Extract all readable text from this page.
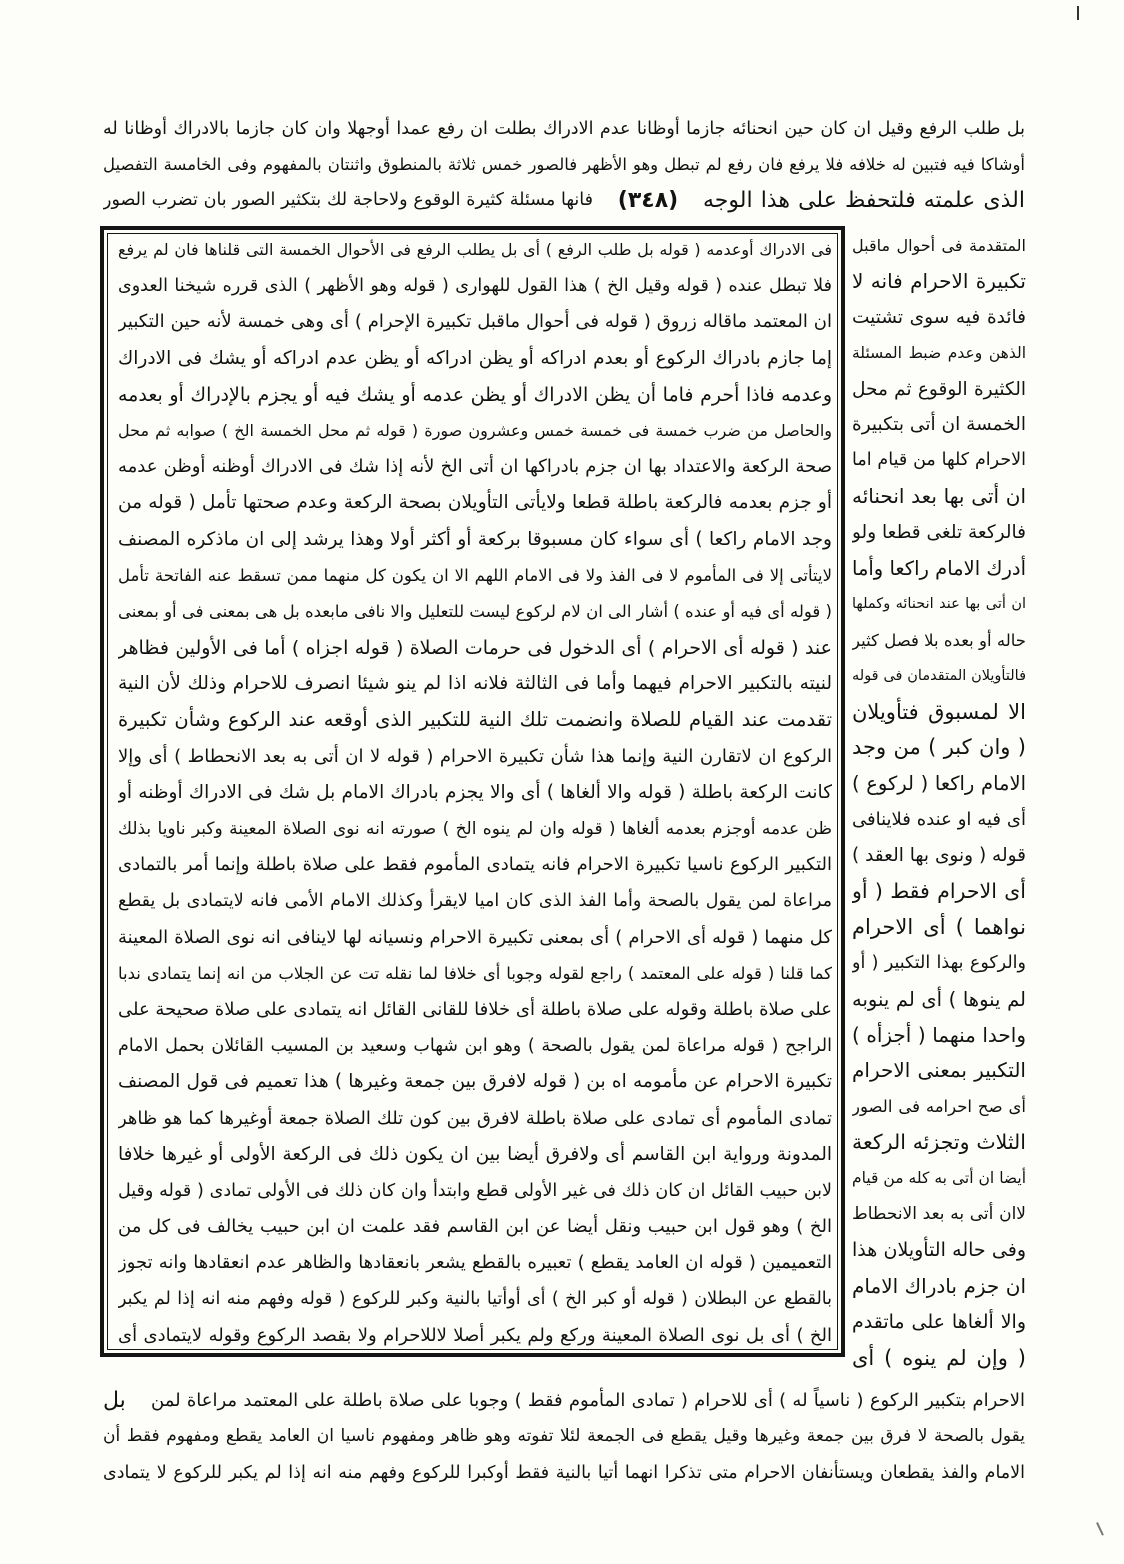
بل طلب الرفع وقيل ان كان حين انحنائه جازما أوظانا عدم الادراك بطلت ان رفع عمدا أوجهلا وان كان جازما بالادراك أوظانا له
أوشاكا فيه فتبين له خلافه فلا يرفع فان رفع لم تبطل وهو الأظهر فالصور خمس ثلاثة بالمنطوق واثنتان بالمفهوم وفى الخامسة التفصيل
الذى علمته فلتحفظ على هذا الوجه
(٣٤٨)
فانها مسئلة كثيرة الوقوع ولاحاجة لك بتكثير الصور بان تضرب الصور
فى الادراك أوعدمه ( قوله بل طلب الرفع ) أى بل يطلب الرفع فى الأحوال الخمسة التى قلناها فان لم يرفع
فلا تبطل عنده ( قوله وقيل الخ ) هذا القول للهوارى ( قوله وهو الأظهر ) الذى قرره شيخنا العدوى
ان المعتمد ماقاله زروق ( قوله فى أحوال ماقبل تكبيرة الإحرام ) أى وهى خمسة لأنه حين التكبير
إما جازم بادراك الركوع أو بعدم ادراكه أو يظن ادراكه أو يظن عدم ادراكه أو يشك فى الادراك
وعدمه فاذا أحرم فاما أن يظن الادراك أو يظن عدمه أو يشك فيه أو يجزم بالإدراك أو بعدمه
والحاصل من ضرب خمسة فى خمسة خمس وعشرون صورة ( قوله ثم محل الخمسة الخ ) صوابه ثم محل
صحة الركعة والاعتداد بها ان جزم بادراكها ان أتى الخ لأنه إذا شك فى الادراك أوظنه أوظن عدمه
أو جزم بعدمه فالركعة باطلة قطعا ولايأتى التأويلان بصحة الركعة وعدم صحتها تأمل ( قوله من
وجد الامام راكعا ) أى سواء كان مسبوقا بركعة أو أكثر أولا وهذا يرشد إلى ان ماذكره المصنف
لايتأتى إلا فى المأموم لا فى الفذ ولا فى الامام اللهم الا ان يكون كل منهما ممن تسقط عنه الفاتحة تأمل
( قوله أى فيه أو عنده ) أشار الى ان لام لركوع ليست للتعليل والا نافى مابعده بل هى بمعنى فى أو بمعنى
عند ( قوله أى الاحرام ) أى الدخول فى حرمات الصلاة ( قوله اجزاه ) أما فى الأولين فظاهر
لنيته بالتكبير الاحرام فيهما وأما فى الثالثة فلانه اذا لم ينو شيئا انصرف للاحرام وذلك لأن النية
تقدمت عند القيام للصلاة وانضمت تلك النية للتكبير الذى أوقعه عند الركوع وشأن تكبيرة
الركوع ان لاتقارن النية وإنما هذا شأن تكبيرة الاحرام ( قوله لا ان أتى به بعد الانحطاط ) أى وإلا
كانت الركعة باطلة ( قوله والا ألغاها ) أى والا يجزم بادراك الامام بل شك فى الادراك أوظنه أو
ظن عدمه أوجزم بعدمه ألغاها ( قوله وان لم ينوه الخ ) صورته انه نوى الصلاة المعينة وكبر ناويا بذلك
التكبير الركوع ناسيا تكبيرة الاحرام فانه يتمادى المأموم فقط على صلاة باطلة وإنما أمر بالتمادى
مراعاة لمن يقول بالصحة وأما الفذ الذى كان اميا لايقرأ وكذلك الامام الأمى فانه لايتمادى بل يقطع
كل منهما ( قوله أى الاحرام ) أى بمعنى تكبيرة الاحرام ونسيانه لها لاينافى انه نوى الصلاة المعينة
كما قلنا ( قوله على المعتمد ) راجع لقوله وجوبا أى خلافا لما نقله تت عن الجلاب من انه إنما يتمادى ندبا
على صلاة باطلة وقوله على صلاة باطلة أى خلافا للقانى القائل انه يتمادى على صلاة صحيحة على
الراجح ( قوله مراعاة لمن يقول بالصحة ) وهو ابن شهاب وسعيد بن المسيب القائلان بحمل الامام
تكبيرة الاحرام عن مأمومه اه بن ( قوله لافرق بين جمعة وغيرها ) هذا تعميم فى قول المصنف
تمادى المأموم أى تمادى على صلاة باطلة لافرق بين كون تلك الصلاة جمعة أوغيرها كما هو ظاهر
المدونة ورواية ابن القاسم أى ولافرق أيضا بين ان يكون ذلك فى الركعة الأولى أو غيرها خلافا
لابن حبيب القائل ان كان ذلك فى غير الأولى قطع وابتدأ وان كان ذلك فى الأولى تمادى ( قوله وقيل
الخ ) وهو قول ابن حبيب ونقل أيضا عن ابن القاسم فقد علمت ان ابن حبيب يخالف فى كل من
التعميمين ( قوله ان العامد يقطع ) تعبيره بالقطع يشعر بانعقادها والظاهر عدم انعقادها وانه تجوز
بالقطع عن البطلان ( قوله أو كبر الخ ) أى أوأتيا بالنية وكبر للركوع ( قوله وفهم منه انه إذا لم يكبر
الخ ) أى بل نوى الصلاة المعينة وركع ولم يكبر أصلا لاللاحرام ولا بقصد الركوع وقوله لايتمادى أى
المتقدمة فى أحوال ماقبل
تكبيرة الاحرام فانه لا
فائدة فيه سوى تشتيت
الذهن وعدم ضبط المسئلة
الكثيرة الوقوع ثم محل
الخمسة ان أتى بتكبيرة
الاحرام كلها من قيام اما
ان أتى بها بعد انحنائه
فالركعة تلغى قطعا ولو
أدرك الامام راكعا وأما
ان أتى بها عند انحنائه وكملها
حاله أو بعده بلا فصل كثير
فالتأويلان المتقدمان فى قوله
الا لمسبوق فتأويلان
( وان كبر ) من وجد
الامام راكعا ( لركوع )
أى فيه او عنده فلاينافى
قوله ( ونوى بها العقد )
أى الاحرام فقط ( أو
نواهما ) أى الاحرام
والركوع بهذا التكبير ( أو
لم ينوها ) أى لم ينوبه
واحدا منهما ( أجزأه )
التكبير بمعنى الاحرام
أى صح احرامه فى الصور
الثلاث وتجزئه الركعة
أيضا ان أتى به كله من قيام
لاان أتى به بعد الانحطاط
وفى حاله التأويلان هذا
ان جزم بادراك الامام
والا ألغاها على ماتقدم
( وإن لم ينوه ) أى
الاحرام بتكبير الركوع ( ناسياً له ) أى للاحرام ( تمادى المأموم فقط ) وجوبا على صلاة باطلة على المعتمد مراعاة لمن
بل
يقول بالصحة لا فرق بين جمعة وغيرها وقيل يقطع فى الجمعة لئلا تفوته وهو ظاهر ومفهوم ناسيا ان العامد يقطع ومفهوم فقط أن
الامام والفذ يقطعان ويستأنفان الاحرام متى تذكرا انهما أتيا بالنية فقط أوكبرا للركوع وفهم منه انه إذا لم يكبر للركوع لا يتمادى
